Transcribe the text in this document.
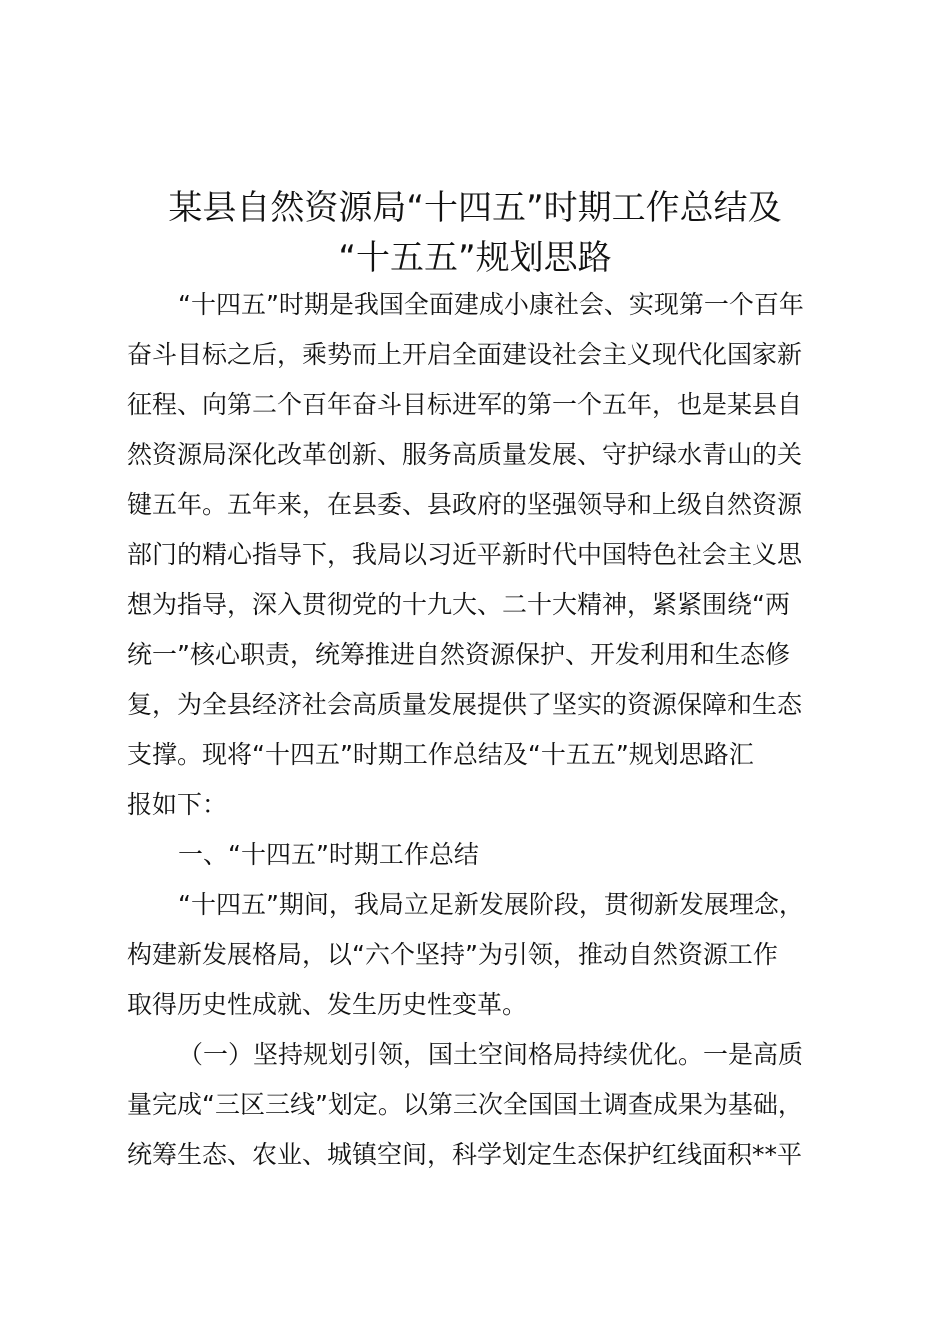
某县自然资源局“十四五”时期工作总结及
“十五五”规划思路
“十四五”时期是我国全面建成小康社会、实现第一个百年
奋斗目标之后，乘势而上开启全面建设社会主义现代化国家新
征程、向第二个百年奋斗目标进军的第一个五年，也是某县自
然资源局深化改革创新、服务高质量发展、守护绿水青山的关
键五年。五年来，在县委、县政府的坚强领导和上级自然资源
部门的精心指导下，我局以习近平新时代中国特色社会主义思
想为指导，深入贯彻党的十九大、二十大精神，紧紧围绕“两
统一”核心职责，统筹推进自然资源保护、开发利用和生态修
复，为全县经济社会高质量发展提供了坚实的资源保障和生态
支撑。现将“十四五”时期工作总结及“十五五”规划思路汇
报如下：
一、“十四五”时期工作总结
“十四五”期间，我局立足新发展阶段，贯彻新发展理念，
构建新发展格局，以“六个坚持”为引领，推动自然资源工作
取得历史性成就、发生历史性变革。
（一）坚持规划引领，国土空间格局持续优化。一是高质
量完成“三区三线”划定。以第三次全国国土调查成果为基础，
统筹生态、农业、城镇空间，科学划定生态保护红线面积**平
